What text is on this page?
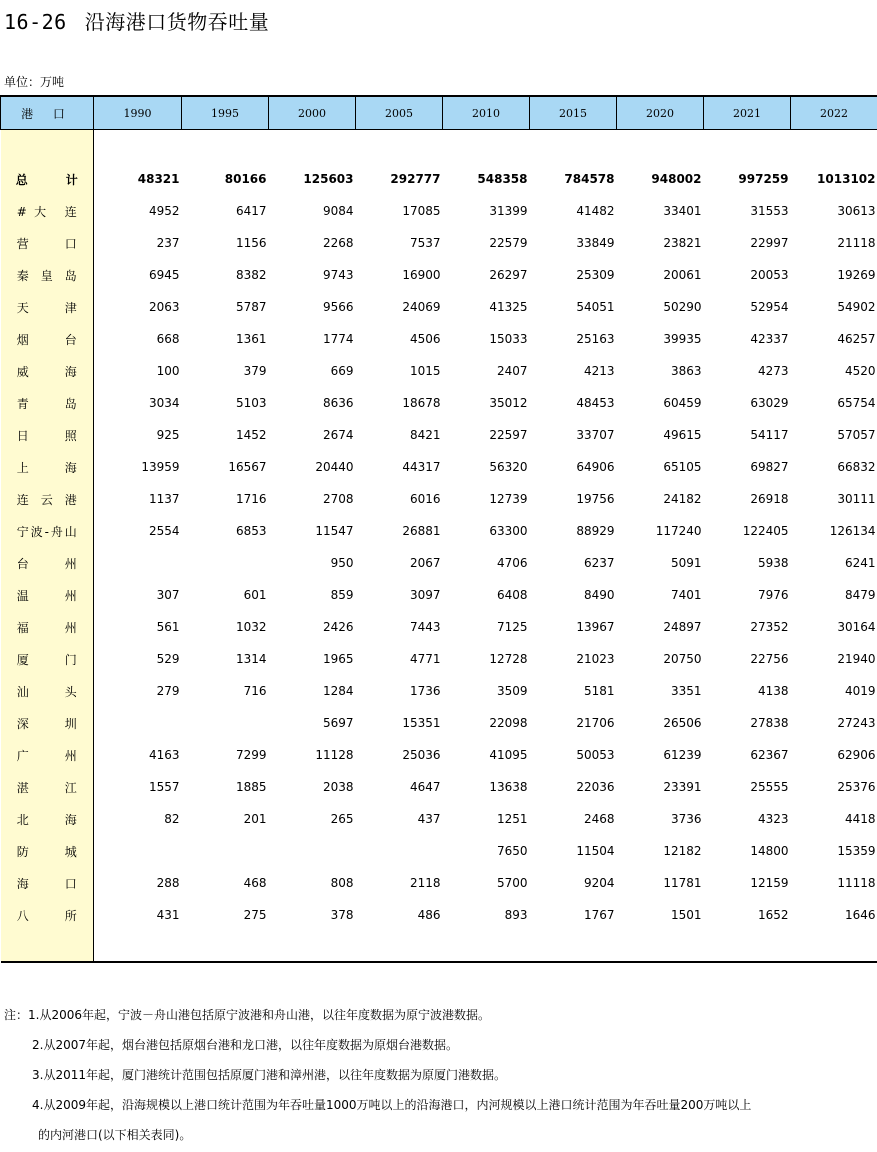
16-26 沿海港口货物吞吐量
单位：万吨
港 口	1990	1995	2000	2005	2010	2015	2020	2021	2022

总 计	48321	80166	125603	292777	548358	784578	948002	997259	1013102
#大 连	4952	6417	9084	17085	31399	41482	33401	31553	30613
营 口	237	1156	2268	7537	22579	33849	23821	22997	21118
秦皇岛	6945	8382	9743	16900	26297	25309	20061	20053	19269
天 津	2063	5787	9566	24069	41325	54051	50290	52954	54902
烟 台	668	1361	1774	4506	15033	25163	39935	42337	46257
威 海	100	379	669	1015	2407	4213	3863	4273	4520
青 岛	3034	5103	8636	18678	35012	48453	60459	63029	65754
日 照	925	1452	2674	8421	22597	33707	49615	54117	57057
上 海	13959	16567	20440	44317	56320	64906	65105	69827	66832
连云港	1137	1716	2708	6016	12739	19756	24182	26918	30111
宁波-舟山	2554	6853	11547	26881	63300	88929	117240	122405	126134
台 州			950	2067	4706	6237	5091	5938	6241
温 州	307	601	859	3097	6408	8490	7401	7976	8479
福 州	561	1032	2426	7443	7125	13967	24897	27352	30164
厦 门	529	1314	1965	4771	12728	21023	20750	22756	21940
汕 头	279	716	1284	1736	3509	5181	3351	4138	4019
深 圳			5697	15351	22098	21706	26506	27838	27243
广 州	4163	7299	11128	25036	41095	50053	61239	62367	62906
湛 江	1557	1885	2038	4647	13638	22036	23391	25555	25376
北 海	82	201	265	437	1251	2468	3736	4323	4418
防 城					7650	11504	12182	14800	15359
海 口	288	468	808	2118	5700	9204	11781	12159	11118
八 所	431	275	378	486	893	1767	1501	1652	1646

注：1.从2006年起，宁波－舟山港包括原宁波港和舟山港，以往年度数据为原宁波港数据。
2.从2007年起，烟台港包括原烟台港和龙口港，以往年度数据为原烟台港数据。
3.从2011年起，厦门港统计范围包括原厦门港和漳州港，以往年度数据为原厦门港数据。
4.从2009年起，沿海规模以上港口统计范围为年吞吐量1000万吨以上的沿海港口，内河规模以上港口统计范围为年吞吐量200万吨以上
的内河港口(以下相关表同)。
